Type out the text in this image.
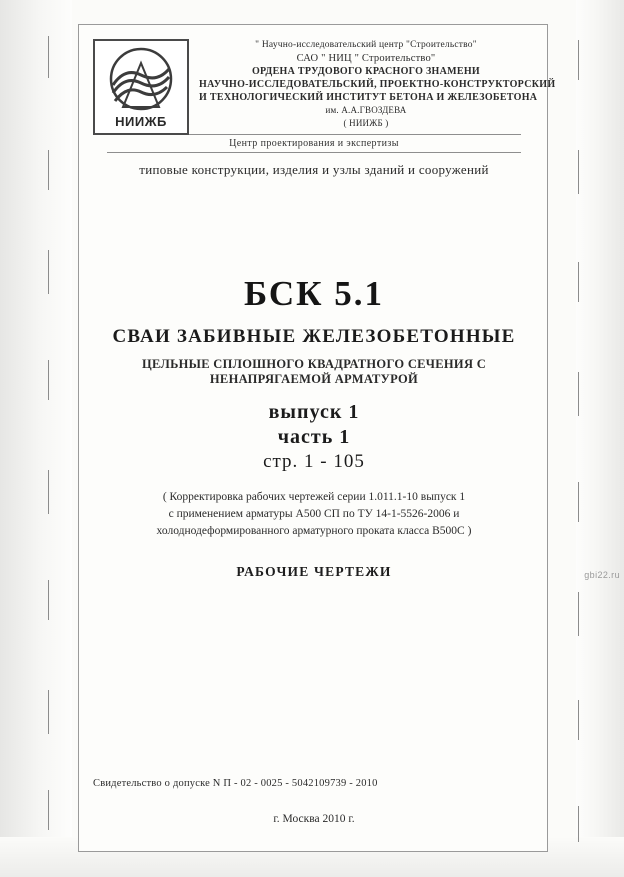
НИИЖБ
" Научно-исследовательский центр "Строительство"
САО " НИЦ " Строительство"
ОРДЕНА ТРУДОВОГО КРАСНОГО ЗНАМЕНИ
НАУЧНО-ИССЛЕДОВАТЕЛЬСКИЙ, ПРОЕКТНО-КОНСТРУКТОРСКИЙ
И ТЕХНОЛОГИЧЕСКИЙ ИНСТИТУТ БЕТОНА И ЖЕЛЕЗОБЕТОНА
им. А.А.ГВОЗДЕВА
( НИИЖБ )
Центр проектирования и экспертизы
типовые конструкции, изделия и узлы зданий и сооружений
БСК 5.1
СВАИ ЗАБИВНЫЕ ЖЕЛЕЗОБЕТОННЫЕ
ЦЕЛЬНЫЕ СПЛОШНОГО КВАДРАТНОГО СЕЧЕНИЯ С НЕНАПРЯГАЕМОЙ АРМАТУРОЙ
выпуск 1
часть 1
стр. 1 - 105
( Корректировка рабочих чертежей серии 1.011.1-10 выпуск 1
с применением арматуры А500 СП по ТУ 14-1-5526-2006 и
холоднодеформированного арматурного проката класса В500С )
РАБОЧИЕ ЧЕРТЕЖИ
Свидетельство о допуске N П - 02 - 0025 - 5042109739 - 2010
г. Москва 2010 г.
gbi22.ru
